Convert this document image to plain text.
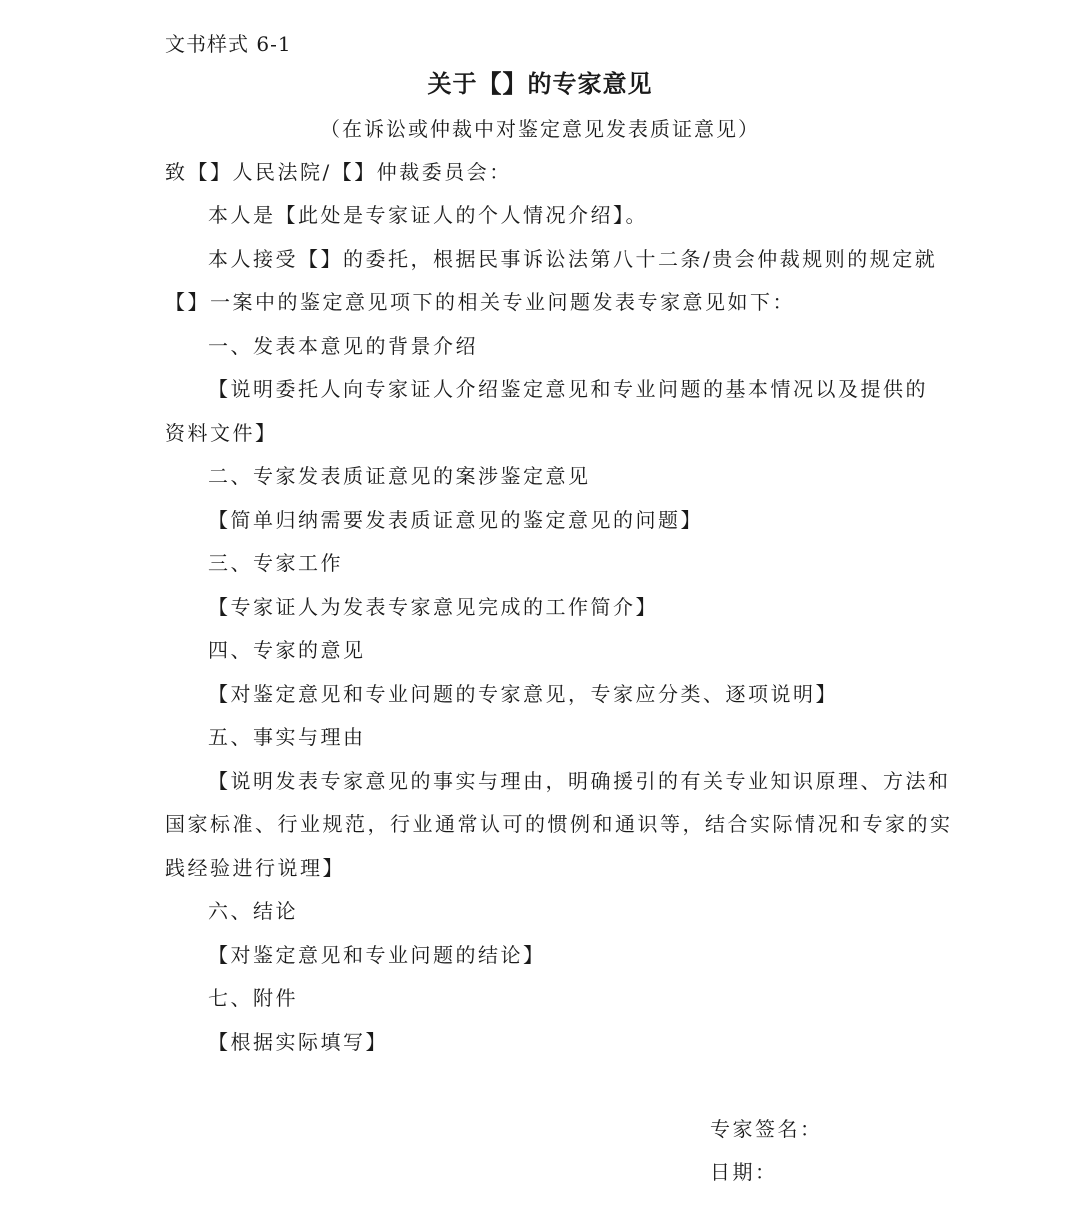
文书样式 6-1
关于【】的专家意见
（在诉讼或仲裁中对鉴定意见发表质证意见）
致【】人民法院/【】仲裁委员会：
本人是【此处是专家证人的个人情况介绍】。
本人接受【】的委托，根据民事诉讼法第八十二条/贵会仲裁规则的规定就
【】一案中的鉴定意见项下的相关专业问题发表专家意见如下：
一、发表本意见的背景介绍
【说明委托人向专家证人介绍鉴定意见和专业问题的基本情况以及提供的
资料文件】
二、专家发表质证意见的案涉鉴定意见
【简单归纳需要发表质证意见的鉴定意见的问题】
三、专家工作
【专家证人为发表专家意见完成的工作简介】
四、专家的意见
【对鉴定意见和专业问题的专家意见，专家应分类、逐项说明】
五、事实与理由
【说明发表专家意见的事实与理由，明确援引的有关专业知识原理、方法和
国家标准、行业规范，行业通常认可的惯例和通识等，结合实际情况和专家的实
践经验进行说理】
六、结论
【对鉴定意见和专业问题的结论】
七、附件
【根据实际填写】
专家签名：
日期：
